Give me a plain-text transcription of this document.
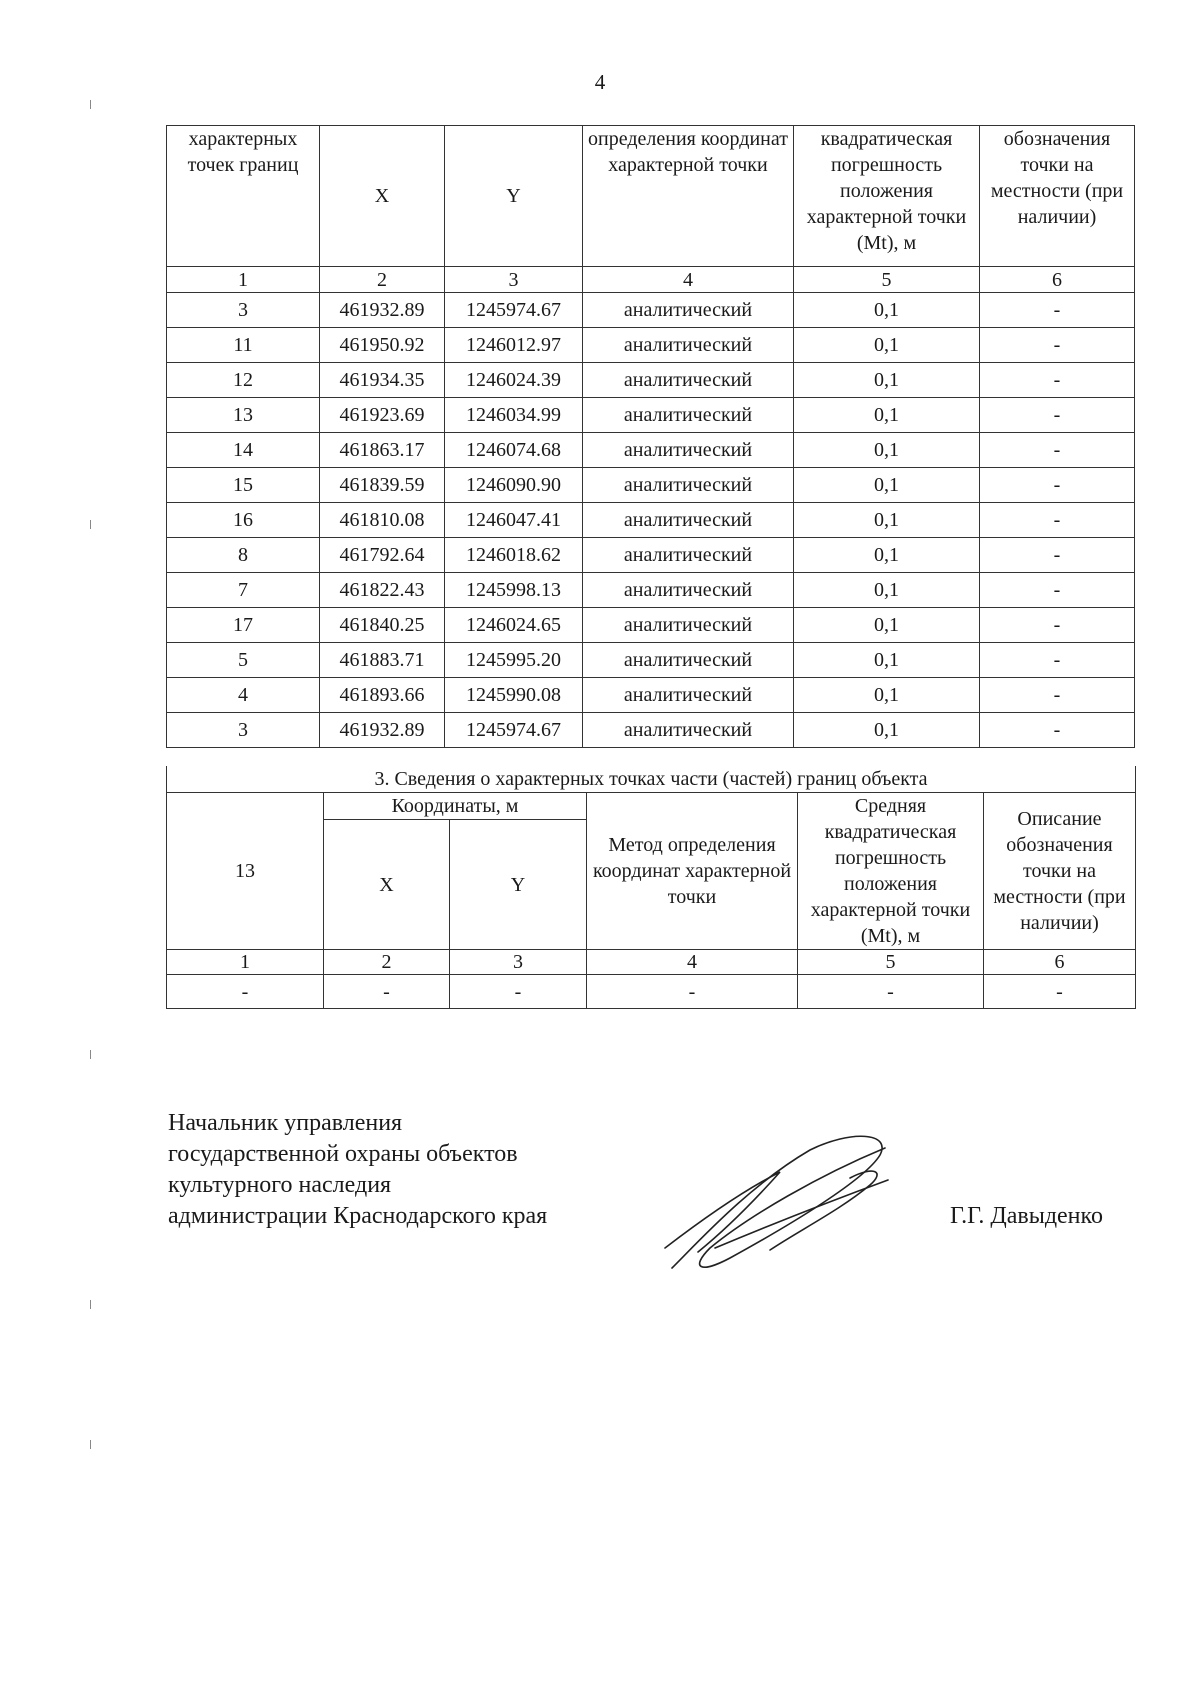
4
характерных точек границ	X	Y	определения координат характерной точки	квадратическая погрешность положения характерной точки (Mt), м	обозначения точки на местности (при наличии)
1	2	3	4	5	6
3	461932.89	1245974.67	аналитический	0,1	-
11	461950.92	1246012.97	аналитический	0,1	-
12	461934.35	1246024.39	аналитический	0,1	-
13	461923.69	1246034.99	аналитический	0,1	-
14	461863.17	1246074.68	аналитический	0,1	-
15	461839.59	1246090.90	аналитический	0,1	-
16	461810.08	1246047.41	аналитический	0,1	-
8	461792.64	1246018.62	аналитический	0,1	-
7	461822.43	1245998.13	аналитический	0,1	-
17	461840.25	1246024.65	аналитический	0,1	-
5	461883.71	1245995.20	аналитический	0,1	-
4	461893.66	1245990.08	аналитический	0,1	-
3	461932.89	1245974.67	аналитический	0,1	-
3. Сведения о характерных точках части (частей) границ объекта					
13	Координаты, м		Метод определения координат характерной точки	Средняя квадратическая погрешность положения характерной точки (Mt), м	Описание обозначения точки на местности (при наличии)
	X	Y			
1	2	3	4	5	6
-	-	-	-	-	-
Начальник управления
государственной охраны объектов
культурного наследия
администрации Краснодарского края	Г.Г. Давыденко
